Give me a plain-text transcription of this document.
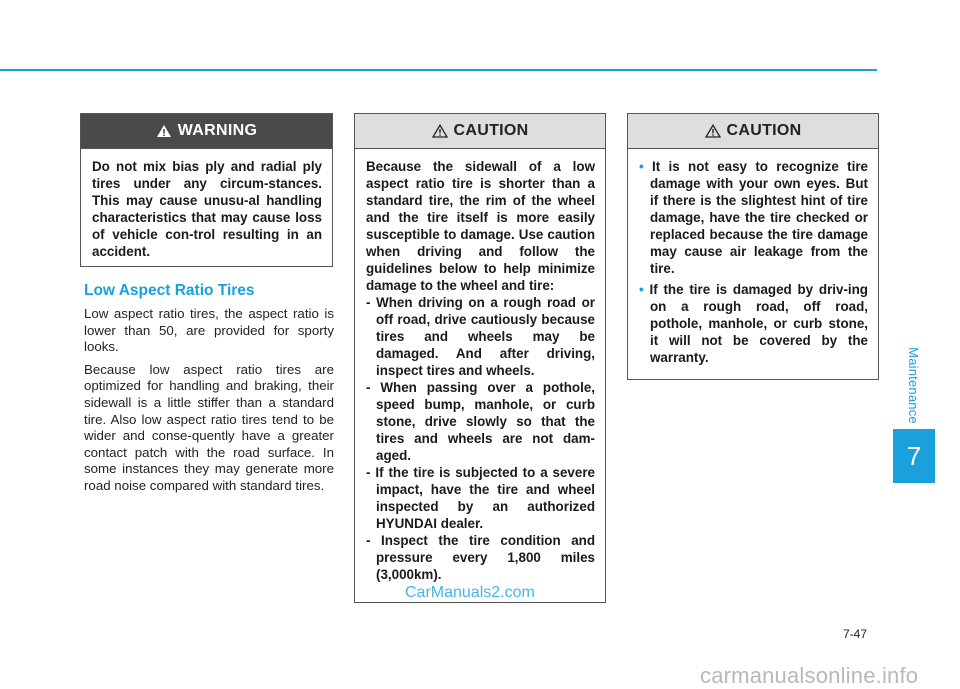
Maintenance
7
WARNING

Do not mix bias ply and radial ply tires under any circum-stances. This may cause unusu-al handling characteristics that may cause loss of vehicle con-trol resulting in an accident.

Low Aspect Ratio Tires

Low aspect ratio tires, the aspect ratio is lower than 50, are provided for sporty looks.

Because low aspect ratio tires are optimized for handling and braking, their sidewall is a little stiffer than a standard tire. Also low aspect ratio tires tend to be wider and conse-quently have a greater contact patch with the road surface. In some instances they may generate more road noise compared with standard tires.

CAUTION

Because the sidewall of a low aspect ratio tire is shorter than a standard tire, the rim of the wheel and the tire itself is more easily susceptible to damage. Use caution when driving and follow the guidelines below to help minimize damage to the wheel and tire:

- When driving on a rough road or off road, drive cautiously because tires and wheels may be damaged. And after driving, inspect tires and wheels.

- When passing over a pothole, speed bump, manhole, or curb stone, drive slowly so that the tires and wheels are not dam-aged.

- If the tire is subjected to a severe impact, have the tire and wheel inspected by an authorized HYUNDAI dealer.

- Inspect the tire condition and pressure every 1,800 miles (3,000km).

CAUTION

• It is not easy to recognize tire damage with your own eyes. But if there is the slightest hint of tire damage, have the tire checked or replaced because the tire damage may cause air leakage from the tire.

• If the tire is damaged by driv-ing on a rough road, off road, pothole, manhole, or curb stone, it will not be covered by the warranty.

CarManuals2.com
7-47
carmanualsonline.info
